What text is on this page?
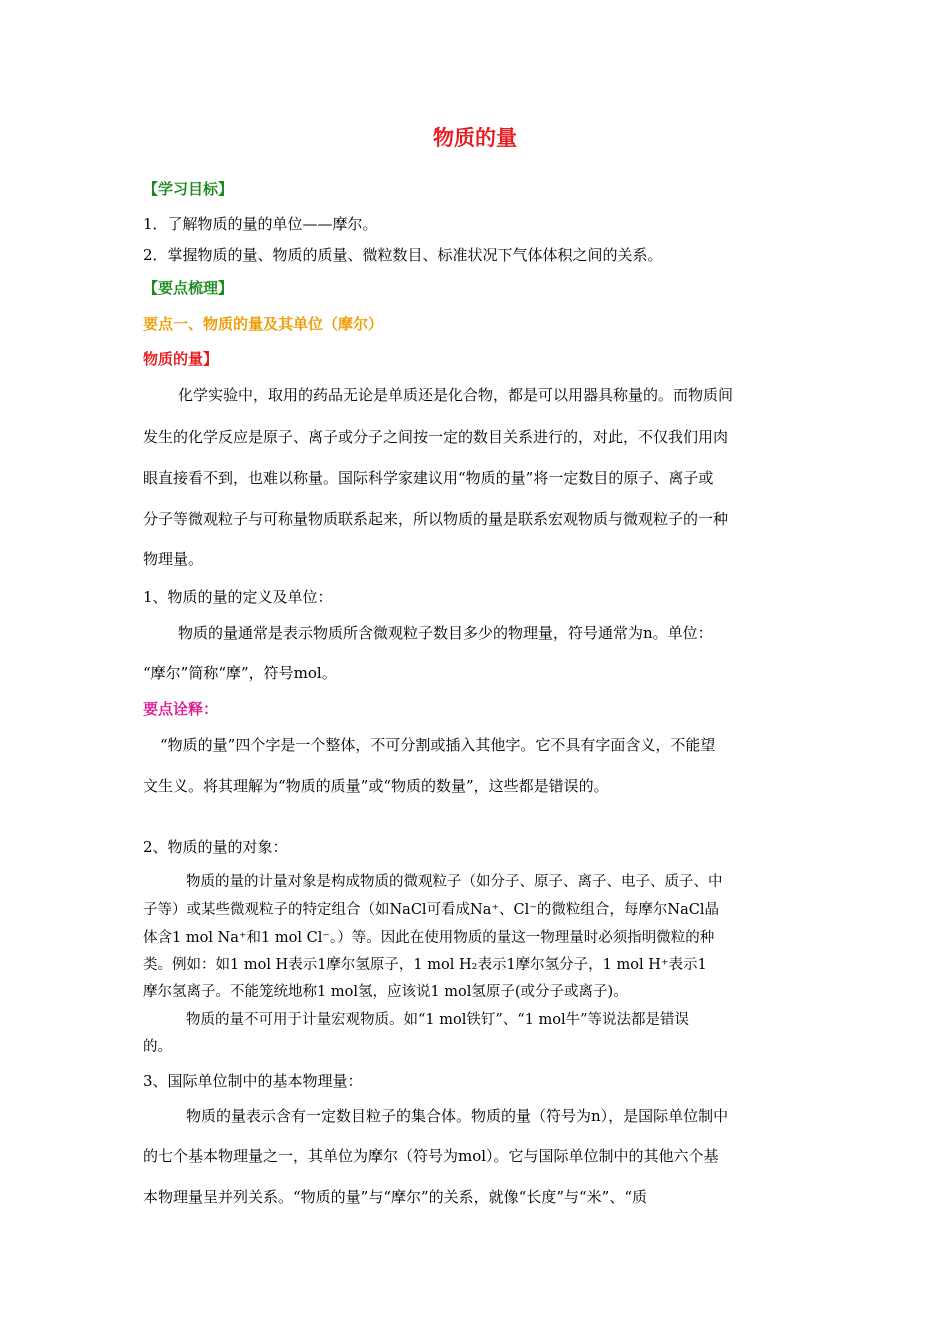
物质的量
【学习目标】
1．了解物质的量的单位——摩尔。
2．掌握物质的量、物质的质量、微粒数目、标准状况下气体体积之间的关系。
【要点梳理】
要点一、物质的量及其单位（摩尔）
物质的量】
化学实验中，取用的药品无论是单质还是化合物，都是可以用器具称量的。而物质间
发生的化学反应是原子、离子或分子之间按一定的数目关系进行的，对此，不仅我们用肉
眼直接看不到，也难以称量。国际科学家建议用“物质的量”将一定数目的原子、离子或
分子等微观粒子与可称量物质联系起来，所以物质的量是联系宏观物质与微观粒子的一种
物理量。
1、物质的量的定义及单位：
物质的量通常是表示物质所含微观粒子数目多少的物理量，符号通常为n。单位：
“摩尔”简称“摩”，符号mol。
要点诠释：
“物质的量”四个字是一个整体，不可分割或插入其他字。它不具有字面含义，不能望
文生义。将其理解为“物质的质量”或“物质的数量”，这些都是错误的。
2、物质的量的对象：
物质的量的计量对象是构成物质的微观粒子（如分子、原子、离子、电子、质子、中
子等）或某些微观粒子的特定组合（如NaCl可看成Na⁺、Cl⁻的微粒组合，每摩尔NaCl晶
体含1 mol Na⁺和1 mol Cl⁻。）等。因此在使用物质的量这一物理量时必须指明微粒的种
类。例如：如1 mol H表示1摩尔氢原子，1 mol H₂表示1摩尔氢分子，1 mol H⁺表示1
摩尔氢离子。不能笼统地称1 mol氢，应该说1 mol氢原子(或分子或离子)。
物质的量不可用于计量宏观物质。如“1 mol铁钉”、“1 mol牛”等说法都是错误
的。
3、国际单位制中的基本物理量：
物质的量表示含有一定数目粒子的集合体。物质的量（符号为n），是国际单位制中
的七个基本物理量之一，其单位为摩尔（符号为mol）。它与国际单位制中的其他六个基
本物理量呈并列关系。“物质的量”与“摩尔”的关系，就像“长度”与“米”、“质
